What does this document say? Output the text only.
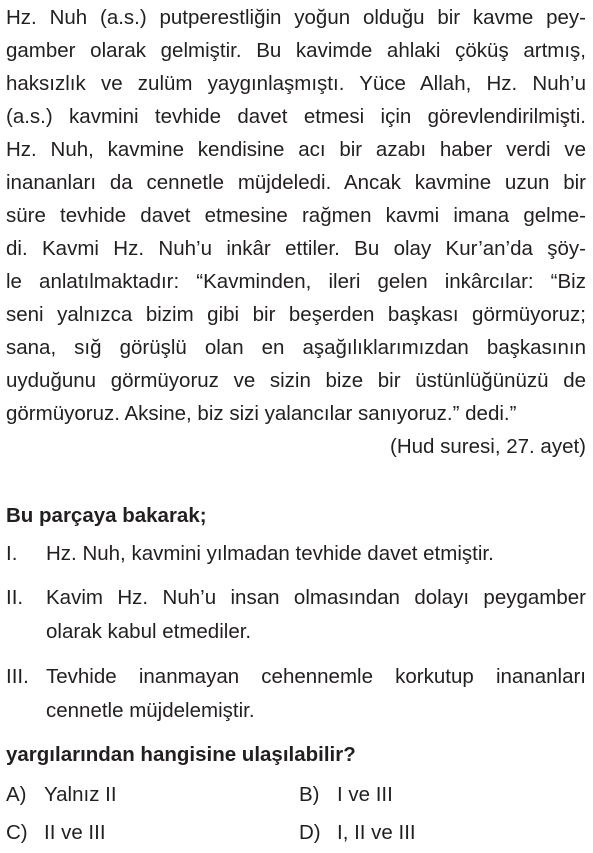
Hz. Nuh (a.s.) putperestliğin yoğun olduğu bir kavme pey-
gamber olarak gelmiştir. Bu kavimde ahlaki çöküş artmış,
haksızlık ve zulüm yaygınlaşmıştı. Yüce Allah, Hz. Nuh’u
(a.s.) kavmini tevhide davet etmesi için görevlendirilmişti.
Hz. Nuh, kavmine kendisine acı bir azabı haber verdi ve
inananları da cennetle müjdeledi. Ancak kavmine uzun bir
süre tevhide davet etmesine rağmen kavmi imana gelme-
di. Kavmi Hz. Nuh’u inkâr ettiler. Bu olay Kur’an’da şöy-
le anlatılmaktadır: “Kavminden, ileri gelen inkârcılar: “Biz
seni yalnızca bizim gibi bir beşerden başkası görmüyoruz;
sana, sığ görüşlü olan en aşağılıklarımızdan başkasının
uyduğunu görmüyoruz ve sizin bize bir üstünlüğünüzü de
görmüyoruz. Aksine, biz sizi yalancılar sanıyoruz.” dedi.”
(Hud suresi, 27. ayet)
Bu parçaya bakarak;
I. Hz. Nuh, kavmini yılmadan tevhide davet etmiştir.
II. Kavim Hz. Nuh’u insan olmasından dolayı peygamber
olarak kabul etmediler.
III. Tevhide inanmayan cehennemle korkutup inananları
cennetle müjdelemiştir.
yargılarından hangisine ulaşılabilir?
A) Yalnız II	B) I ve III
C) II ve III	D) I, II ve III
